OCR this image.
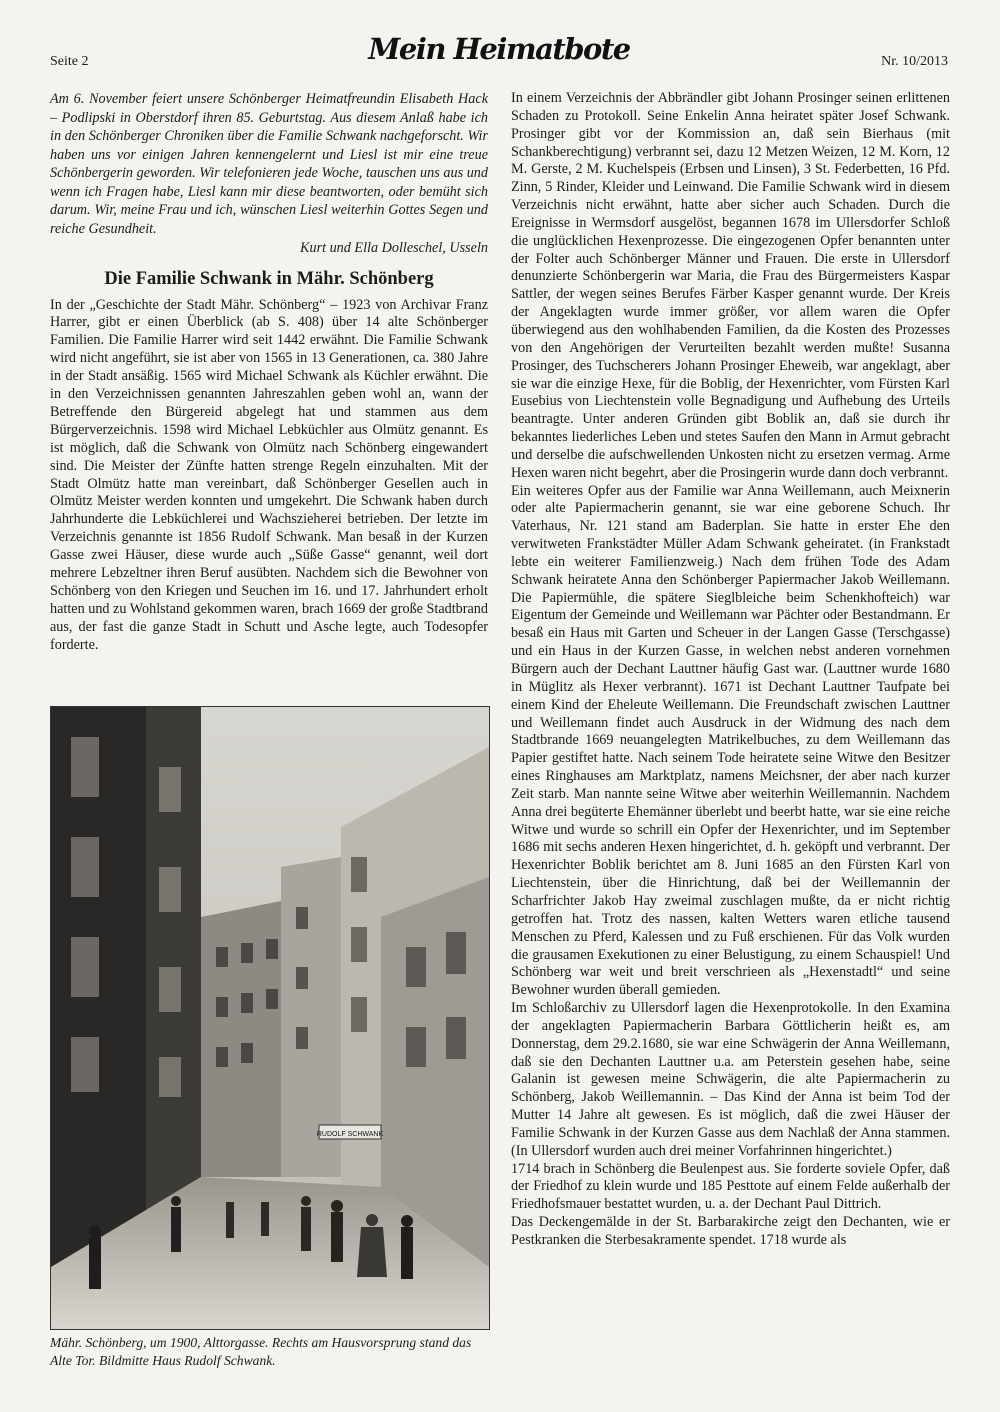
Seite 2	Mein Heimatbote	Nr. 10/2013

Am 6. November feiert unsere Schönberger Heimatfreundin Elisabeth Hack – Podlipski in Oberstdorf ihren 85. Geburtstag. Aus diesem Anlaß habe ich in den Schönberger Chroniken über die Familie Schwank nachgeforscht. Wir haben uns vor einigen Jahren kennengelernt und Liesl ist mir eine treue Schönbergerin geworden. Wir telefonieren jede Woche, tauschen uns aus und wenn ich Fragen habe, Liesl kann mir diese beantworten, oder bemüht sich darum. Wir, meine Frau und ich, wünschen Liesl weiterhin Gottes Segen und reiche Gesundheit.

Kurt und Ella Dolleschel, Usseln

Die Familie Schwank in Mähr. Schönberg

In der „Geschichte der Stadt Mähr. Schönberg“ – 1923 von Archivar Franz Harrer, gibt er einen Überblick (ab S. 408) über 14 alte Schönberger Familien. Die Familie Harrer wird seit 1442 erwähnt. Die Familie Schwank wird nicht angeführt, sie ist aber von 1565 in 13 Generationen, ca. 380 Jahre in der Stadt ansäßig. 1565 wird Michael Schwank als Küchler erwähnt. Die in den Verzeichnissen genannten Jahreszahlen geben wohl an, wann der Betreffende den Bürgereid abgelegt hat und stammen aus dem Bürgerverzeichnis. 1598 wird Michael Lebküchler aus Olmütz genannt. Es ist möglich, daß die Schwank von Olmütz nach Schönberg eingewandert sind. Die Meister der Zünfte hatten strenge Regeln einzuhalten. Mit der Stadt Olmütz hatte man vereinbart, daß Schönberger Gesellen auch in Olmütz Meister werden konnten und umgekehrt. Die Schwank haben durch Jahrhunderte die Lebküchlerei und Wachszieherei betrieben. Der letzte im Verzeichnis genannte ist 1856 Rudolf Schwank. Man besaß in der Kurzen Gasse zwei Häuser, diese wurde auch „Süße Gasse“ genannt, weil dort mehrere Lebzeltner ihren Beruf ausübten. Nachdem sich die Bewohner von Schönberg von den Kriegen und Seuchen im 16. und 17. Jahrhundert erholt hatten und zu Wohlstand gekommen waren, brach 1669 der große Stadtbrand aus, der fast die ganze Stadt in Schutt und Asche legte, auch Todesopfer forderte.

RUDOLF SCHWANK

Mähr. Schönberg, um 1900, Alttorgasse. Rechts am Hausvorsprung stand das Alte Tor. Bildmitte Haus Rudolf Schwank.

In einem Verzeichnis der Abbrändler gibt Johann Prosinger seinen erlittenen Schaden zu Protokoll. Seine Enkelin Anna heiratet später Josef Schwank. Prosinger gibt vor der Kommission an, daß sein Bierhaus (mit Schankberechtigung) verbrannt sei, dazu 12 Metzen Weizen, 12 M. Korn, 12 M. Gerste, 2 M. Kuchelspeis (Erbsen und Linsen), 3 St. Federbetten, 16 Pfd. Zinn, 5 Rinder, Kleider und Leinwand. Die Familie Schwank wird in diesem Verzeichnis nicht erwähnt, hatte aber sicher auch Schaden. Durch die Ereignisse in Wermsdorf ausgelöst, begannen 1678 im Ullersdorfer Schloß die unglücklichen Hexenprozesse. Die eingezogenen Opfer benannten unter der Folter auch Schönberger Männer und Frauen. Die erste in Ullersdorf denunzierte Schönbergerin war Maria, die Frau des Bürgermeisters Kaspar Sattler, der wegen seines Berufes Färber Kasper genannt wurde. Der Kreis der Angeklagten wurde immer größer, vor allem waren die Opfer überwiegend aus den wohlhabenden Familien, da die Kosten des Prozesses von den Angehörigen der Verurteilten bezahlt werden mußte! Susanna Prosinger, des Tuchscherers Johann Prosinger Eheweib, war angeklagt, aber sie war die einzige Hexe, für die Boblig, der Hexenrichter, vom Fürsten Karl Eusebius von Liechtenstein volle Begnadigung und Aufhebung des Urteils beantragte. Unter anderen Gründen gibt Boblik an, daß sie durch ihr bekanntes liederliches Leben und stetes Saufen den Mann in Armut gebracht und derselbe die aufschwellenden Unkosten nicht zu ersetzen vermag. Arme Hexen waren nicht begehrt, aber die Prosingerin wurde dann doch verbrannt.

Ein weiteres Opfer aus der Familie war Anna Weillemann, auch Meixnerin oder alte Papiermacherin genannt, sie war eine geborene Schuch. Ihr Vaterhaus, Nr. 121 stand am Baderplan. Sie hatte in erster Ehe den verwitweten Frankstädter Müller Adam Schwank geheiratet. (in Frankstadt lebte ein weiterer Familienzweig.) Nach dem frühen Tode des Adam Schwank heiratete Anna den Schönberger Papiermacher Jakob Weillemann. Die Papiermühle, die spätere Sieglbleiche beim Schenkhofteich) war Eigentum der Gemeinde und Weillemann war Pächter oder Bestandmann. Er besaß ein Haus mit Garten und Scheuer in der Langen Gasse (Terschgasse) und ein Haus in der Kurzen Gasse, in welchen nebst anderen vornehmen Bürgern auch der Dechant Lauttner häufig Gast war. (Lauttner wurde 1680 in Müglitz als Hexer verbrannt). 1671 ist Dechant Lauttner Taufpate bei einem Kind der Eheleute Weillemann. Die Freundschaft zwischen Lauttner und Weillemann findet auch Ausdruck in der Widmung des nach dem Stadtbrande 1669 neuangelegten Matrikelbuches, zu dem Weillemann das Papier gestiftet hatte. Nach seinem Tode heiratete seine Witwe den Besitzer eines Ringhauses am Marktplatz, namens Meichsner, der aber nach kurzer Zeit starb. Man nannte seine Witwe aber weiterhin Weillemannin. Nachdem Anna drei begüterte Ehemänner überlebt und beerbt hatte, war sie eine reiche Witwe und wurde so schrill ein Opfer der Hexenrichter, und im September 1686 mit sechs anderen Hexen hingerichtet, d. h. geköpft und verbrannt. Der Hexenrichter Boblik berichtet am 8. Juni 1685 an den Fürsten Karl von Liechtenstein, über die Hinrichtung, daß bei der Weillemannin der Scharfrichter Jakob Hay zweimal zuschlagen mußte, da er nicht richtig getroffen hat. Trotz des nassen, kalten Wetters waren etliche tausend Menschen zu Pferd, Kalessen und zu Fuß erschienen. Für das Volk wurden die grausamen Exekutionen zu einer Belustigung, zu einem Schauspiel! Und Schönberg war weit und breit verschrieen als „Hexenstadtl“ und seine Bewohner wurden überall gemieden.

Im Schloßarchiv zu Ullersdorf lagen die Hexenprotokolle. In den Examina der angeklagten Papiermacherin Barbara Göttlicherin heißt es, am Donnerstag, dem 29.2.1680, sie war eine Schwägerin der Anna Weillemann, daß sie den Dechanten Lauttner u.a. am Peterstein gesehen habe, seine Galanin ist gewesen meine Schwägerin, die alte Papiermacherin zu Schönberg, Jakob Weillemannin. – Das Kind der Anna ist beim Tod der Mutter 14 Jahre alt gewesen. Es ist möglich, daß die zwei Häuser der Familie Schwank in der Kurzen Gasse aus dem Nachlaß der Anna stammen. (In Ullersdorf wurden auch drei meiner Vorfahrinnen hingerichtet.)

1714 brach in Schönberg die Beulenpest aus. Sie forderte soviele Opfer, daß der Friedhof zu klein wurde und 185 Pesttote auf einem Felde außerhalb der Friedhofsmauer bestattet wurden, u. a. der Dechant Paul Dittrich.

Das Deckengemälde in der St. Barbarakirche zeigt den Dechanten, wie er Pestkranken die Sterbesakramente spendet. 1718 wurde als
